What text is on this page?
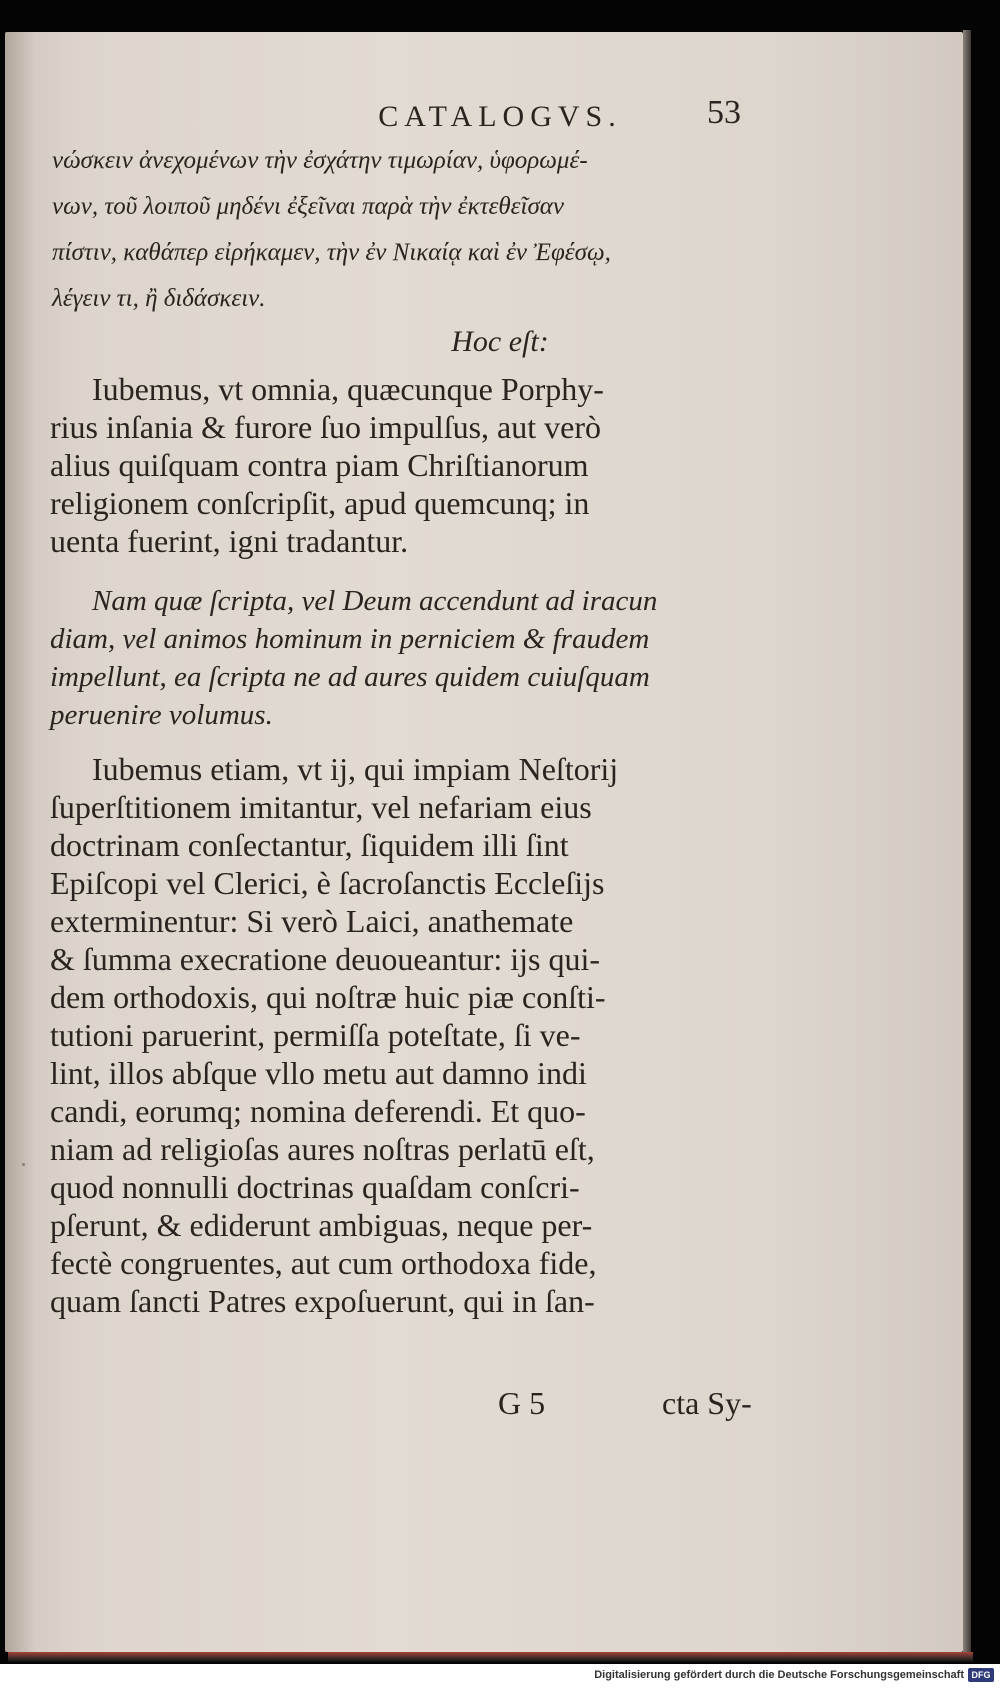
CATALOGVS.	53
νώσκειν ἀνεχομένων τὴν ἐσχάτην τιμωρίαν, ὑφορωμέ-
νων, τοῦ λοιποῦ μηδένι ἐξεῖναι παρὰ τὴν ἐκτεθεῖσαν
πίστιν, καθάπερ εἰρήκαμεν, τὴν ἐν Νικαίᾳ καὶ ἐν Ἐφέσῳ,
λέγειν τι, ἢ διδάσκειν.
Hoc eſt:
Iubemus, vt omnia, quæcunque Porphy-
rius inſania & furore ſuo impulſus, aut verò
alius quiſquam contra piam Chriſtianorum
religionem conſcripſit, apud quemcunq; in
uenta fuerint, igni tradantur.
Nam quæ ſcripta, vel Deum accendunt ad iracun
diam, vel animos hominum in perniciem & fraudem
impellunt, ea ſcripta ne ad aures quidem cuiuſquam
peruenire volumus.
Iubemus etiam, vt ij, qui impiam Neſtorij
ſuperſtitionem imitantur, vel nefariam eius
doctrinam conſectantur, ſiquidem illi ſint
Epiſcopi vel Clerici, è ſacroſanctis Eccleſijs
exterminentur: Si verò Laici, anathemate
& ſumma execratione deuoueantur: ijs qui-
dem orthodoxis, qui noſtræ huic piæ conſti-
tutioni paruerint, permiſſa poteſtate, ſi ve-
lint, illos abſque vllo metu aut damno indi
candi, eorumq; nomina deferendi. Et quo-
niam ad religioſas aures noſtras perlatū eſt,
quod nonnulli doctrinas quaſdam conſcri-
pſerunt, & ediderunt ambiguas, neque per-
fectè congruentes, aut cum orthodoxa fide,
quam ſancti Patres expoſuerunt, qui in ſan-
G 5	cta Sy-
Digitalisierung gefördert durch die Deutsche Forschungsgemeinschaft DFG
